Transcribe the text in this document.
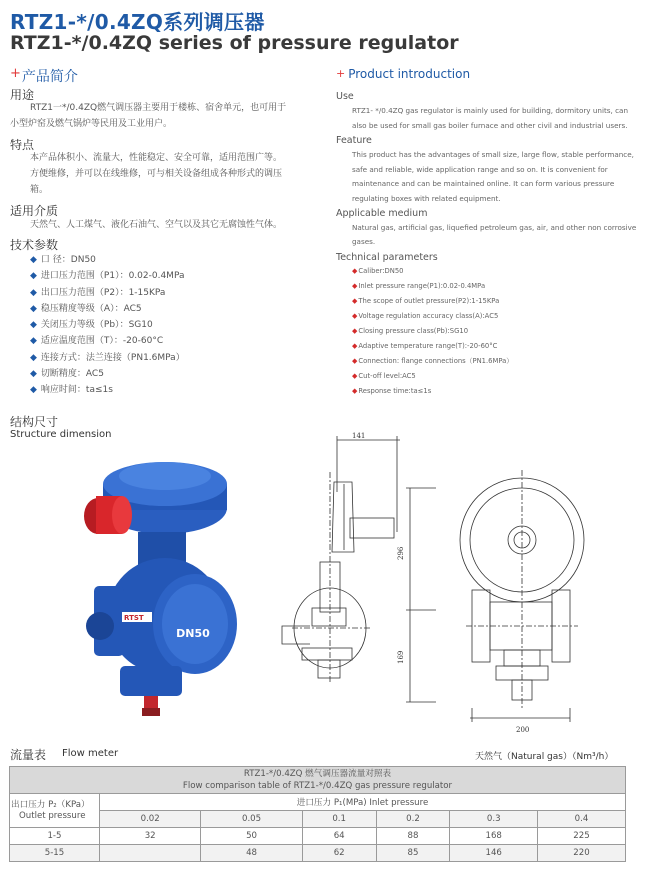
RTZ1-*/0.4ZQ系列调压器
RTZ1-*/0.4ZQ series of pressure regulator
+产品简介	+ Product introduction
用途
RTZ1一*/0.4ZQ燃气调压器主要用于楼栋、宿舍单元，也可用于
小型炉窑及燃气锅炉等民用及工业用户。
特点
本产品体积小、流量大，性能稳定、安全可靠，适用范围广等。
方便维修，并可以在线维修，可与相关设备组成各种形式的调压
箱。
适用介质
天然气、人工煤气、液化石油气、空气以及其它无腐蚀性气体。
技术参数
◆ 口 径：DN50
◆ 进口压力范围（P1）：0.02-0.4MPa
◆ 出口压力范围（P2）：1-15KPa
◆ 稳压精度等级（A）：AC5
◆ 关闭压力等级（Pb）：SG10
◆ 适应温度范围（T）：-20-60°C
◆ 连接方式：法兰连接（PN1.6MPa）
◆ 切断精度：AC5
◆ 响应时间：ta≤1s
Use
RTZ1- */0.4ZQ gas regulator is mainly used for building, dormitory units, can
also be used for small gas boiler furnace and other civil and industrial users.
Feature
This product has the advantages of small size, large flow, stable performance,
safe and reliable, wide application range and so on. It is convenient for
maintenance and can be maintained online. It can form various pressure
regulating boxes with related equipment.
Applicable medium
Natural gas, artificial gas, liquefied petroleum gas, air, and other non corrosive
gases.
Technical parameters
◆Caliber:DN50
◆Inlet pressure range(P1):0.02-0.4MPa
◆The scope of outlet pressure(P2):1-15KPa
◆Voltage regulation accuracy class(A):AC5
◆Closing pressure class(Pb):SG10
◆Adaptive temperature range(T):-20-60°C
◆Connection: flange connections（PN1.6MPa）
◆Cut-off level:AC5
◆Response time:ta≤1s
结构尺寸
Structure dimension
DN50
RTST
141
296
169
200
流量表 Flow meter	天然气（Natural gas）（Nm³/h）
RTZ1-*/0.4ZQ 燃气调压器流量对照表
Flow comparison table of RTZ1-*/0.4ZQ gas pressure regulator						

出口压力 P₂（KPa）
Outlet pressure	进口压力 P₁(MPa) Inlet pressure					
	0.02	0.05	0.1	0.2	0.3	0.4
1-5	32	50	64	88	168	225
5-15		48	62	85	146	220
